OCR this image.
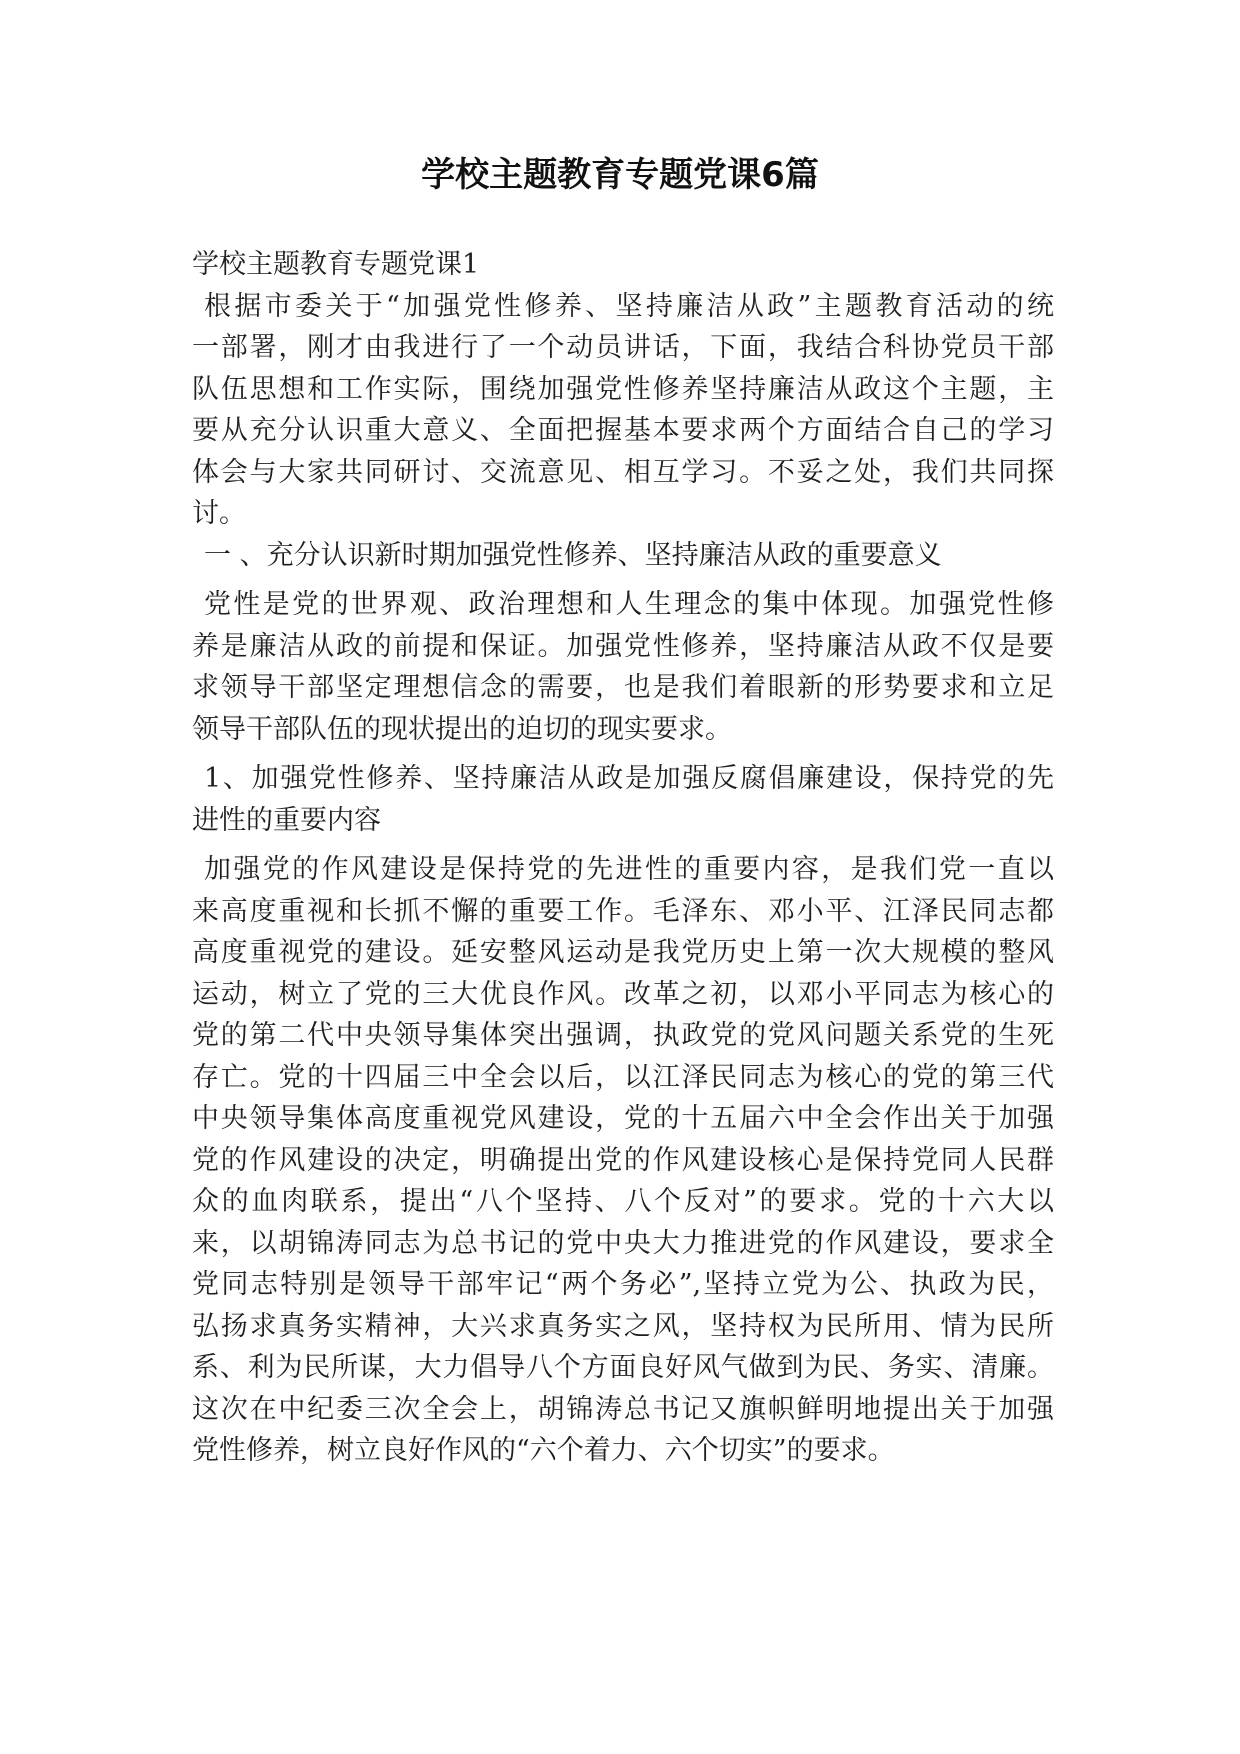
学校主题教育专题党课6篇
学校主题教育专题党课1
根据市委关于“加强党性修养、坚持廉洁从政”主题教育活动的统
一部署，刚才由我进行了一个动员讲话，下面，我结合科协党员干部
队伍思想和工作实际，围绕加强党性修养坚持廉洁从政这个主题，主
要从充分认识重大意义、全面把握基本要求两个方面结合自己的学习
体会与大家共同研讨、交流意见、相互学习。不妥之处，我们共同探
讨。
一 、充分认识新时期加强党性修养、坚持廉洁从政的重要意义
党性是党的世界观、政治理想和人生理念的集中体现。加强党性修
养是廉洁从政的前提和保证。加强党性修养，坚持廉洁从政不仅是要
求领导干部坚定理想信念的需要，也是我们着眼新的形势要求和立足
领导干部队伍的现状提出的迫切的现实要求。
1、加强党性修养、坚持廉洁从政是加强反腐倡廉建设，保持党的先
进性的重要内容
加强党的作风建设是保持党的先进性的重要内容，是我们党一直以
来高度重视和长抓不懈的重要工作。毛泽东、邓小平、江泽民同志都
高度重视党的建设。延安整风运动是我党历史上第一次大规模的整风
运动，树立了党的三大优良作风。改革之初，以邓小平同志为核心的
党的第二代中央领导集体突出强调，执政党的党风问题关系党的生死
存亡。党的十四届三中全会以后，以江泽民同志为核心的党的第三代
中央领导集体高度重视党风建设，党的十五届六中全会作出关于加强
党的作风建设的决定，明确提出党的作风建设核心是保持党同人民群
众的血肉联系，提出“八个坚持、八个反对”的要求。党的十六大以
来，以胡锦涛同志为总书记的党中央大力推进党的作风建设，要求全
党同志特别是领导干部牢记“两个务必”,坚持立党为公、执政为民，
弘扬求真务实精神，大兴求真务实之风，坚持权为民所用、情为民所
系、利为民所谋，大力倡导八个方面良好风气做到为民、务实、清廉。
这次在中纪委三次全会上，胡锦涛总书记又旗帜鲜明地提出关于加强
党性修养，树立良好作风的“六个着力、六个切实”的要求。
